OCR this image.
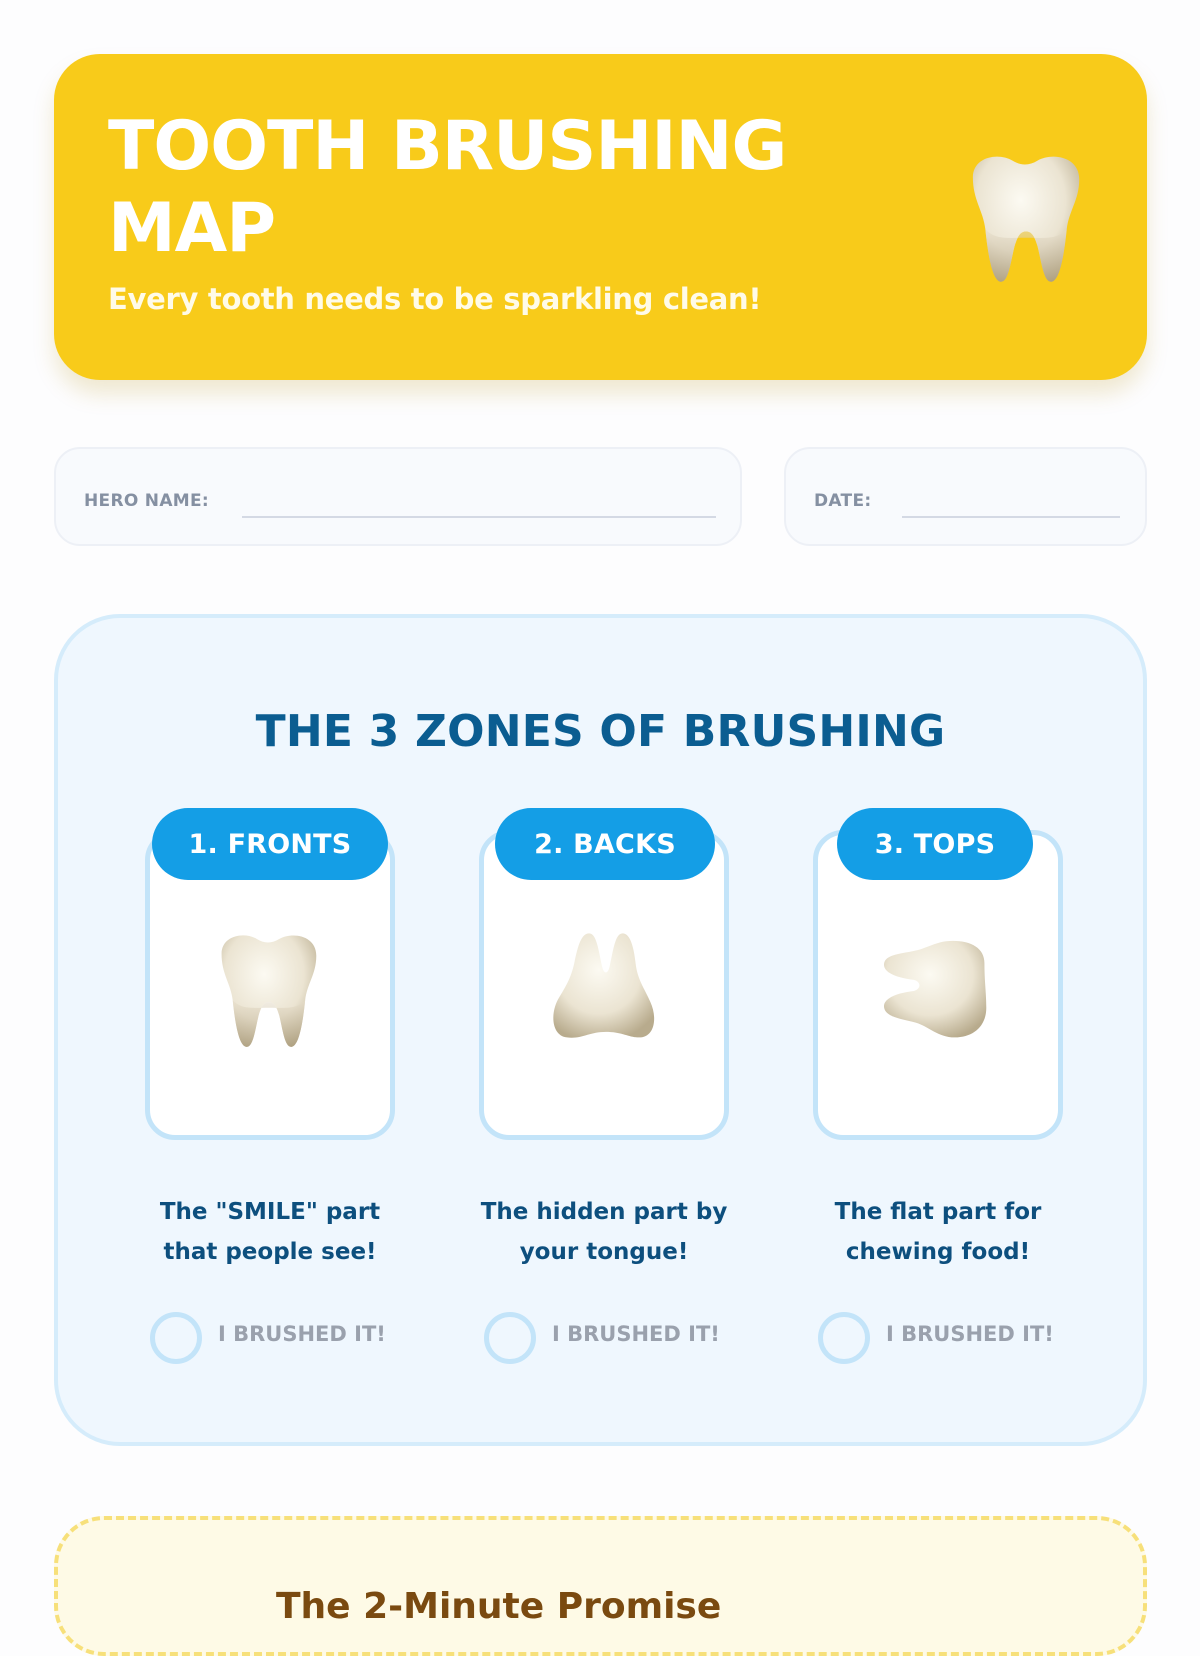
TOOTH BRUSHING
MAP
Every tooth needs to be sparkling clean!
HERO NAME:	DATE:
THE 3 ZONES OF BRUSHING
1. FRONTS
The "SMILE" part
that people see!
I BRUSHED IT!
2. BACKS
The hidden part by
your tongue!
I BRUSHED IT!
3. TOPS
The flat part for
chewing food!
I BRUSHED IT!
The 2-Minute Promise
